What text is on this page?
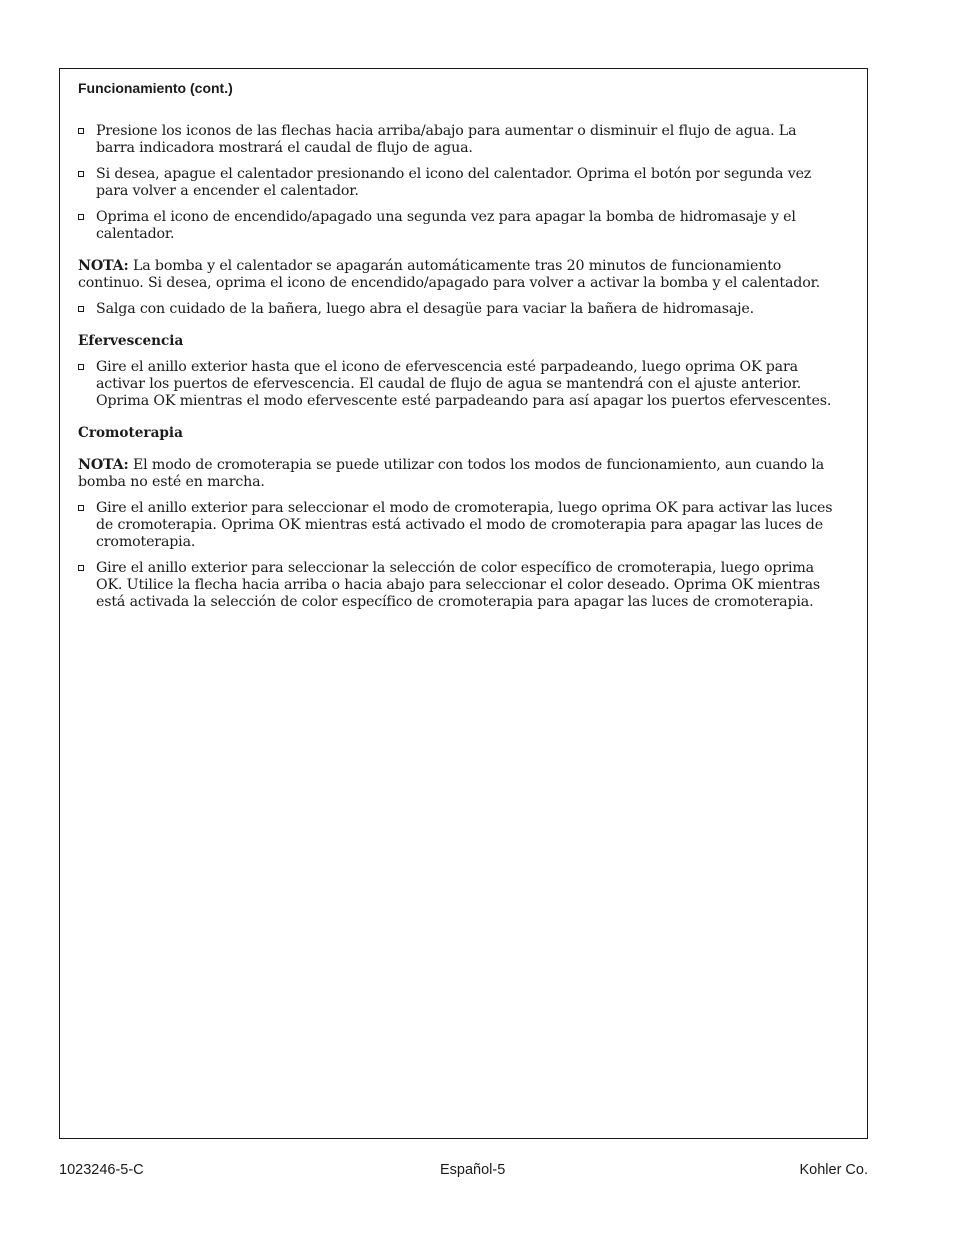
Funcionamiento (cont.)
Presione los iconos de las flechas hacia arriba/abajo para aumentar o disminuir el flujo de agua. La barra indicadora mostrará el caudal de flujo de agua.
Si desea, apague el calentador presionando el icono del calentador. Oprima el botón por segunda vez para volver a encender el calentador.
Oprima el icono de encendido/apagado una segunda vez para apagar la bomba de hidromasaje y el calentador.

NOTA: La bomba y el calentador se apagarán automáticamente tras 20 minutos de funcionamiento continuo. Si desea, oprima el icono de encendido/apagado para volver a activar la bomba y el calentador.

Salga con cuidado de la bañera, luego abra el desagüe para vaciar la bañera de hidromasaje.
Efervescencia
Gire el anillo exterior hasta que el icono de efervescencia esté parpadeando, luego oprima OK para activar los puertos de efervescencia. El caudal de flujo de agua se mantendrá con el ajuste anterior. Oprima OK mientras el modo efervescente esté parpadeando para así apagar los puertos efervescentes.
Cromoterapia

NOTA: El modo de cromoterapia se puede utilizar con todos los modos de funcionamiento, aun cuando la bomba no esté en marcha.

Gire el anillo exterior para seleccionar el modo de cromoterapia, luego oprima OK para activar las luces de cromoterapia. Oprima OK mientras está activado el modo de cromoterapia para apagar las luces de cromoterapia.
Gire el anillo exterior para seleccionar la selección de color específico de cromoterapia, luego oprima OK. Utilice la flecha hacia arriba o hacia abajo para seleccionar el color deseado. Oprima OK mientras está activada la selección de color específico de cromoterapia para apagar las luces de cromoterapia.
1023246-5-C	Español-5	Kohler Co.
